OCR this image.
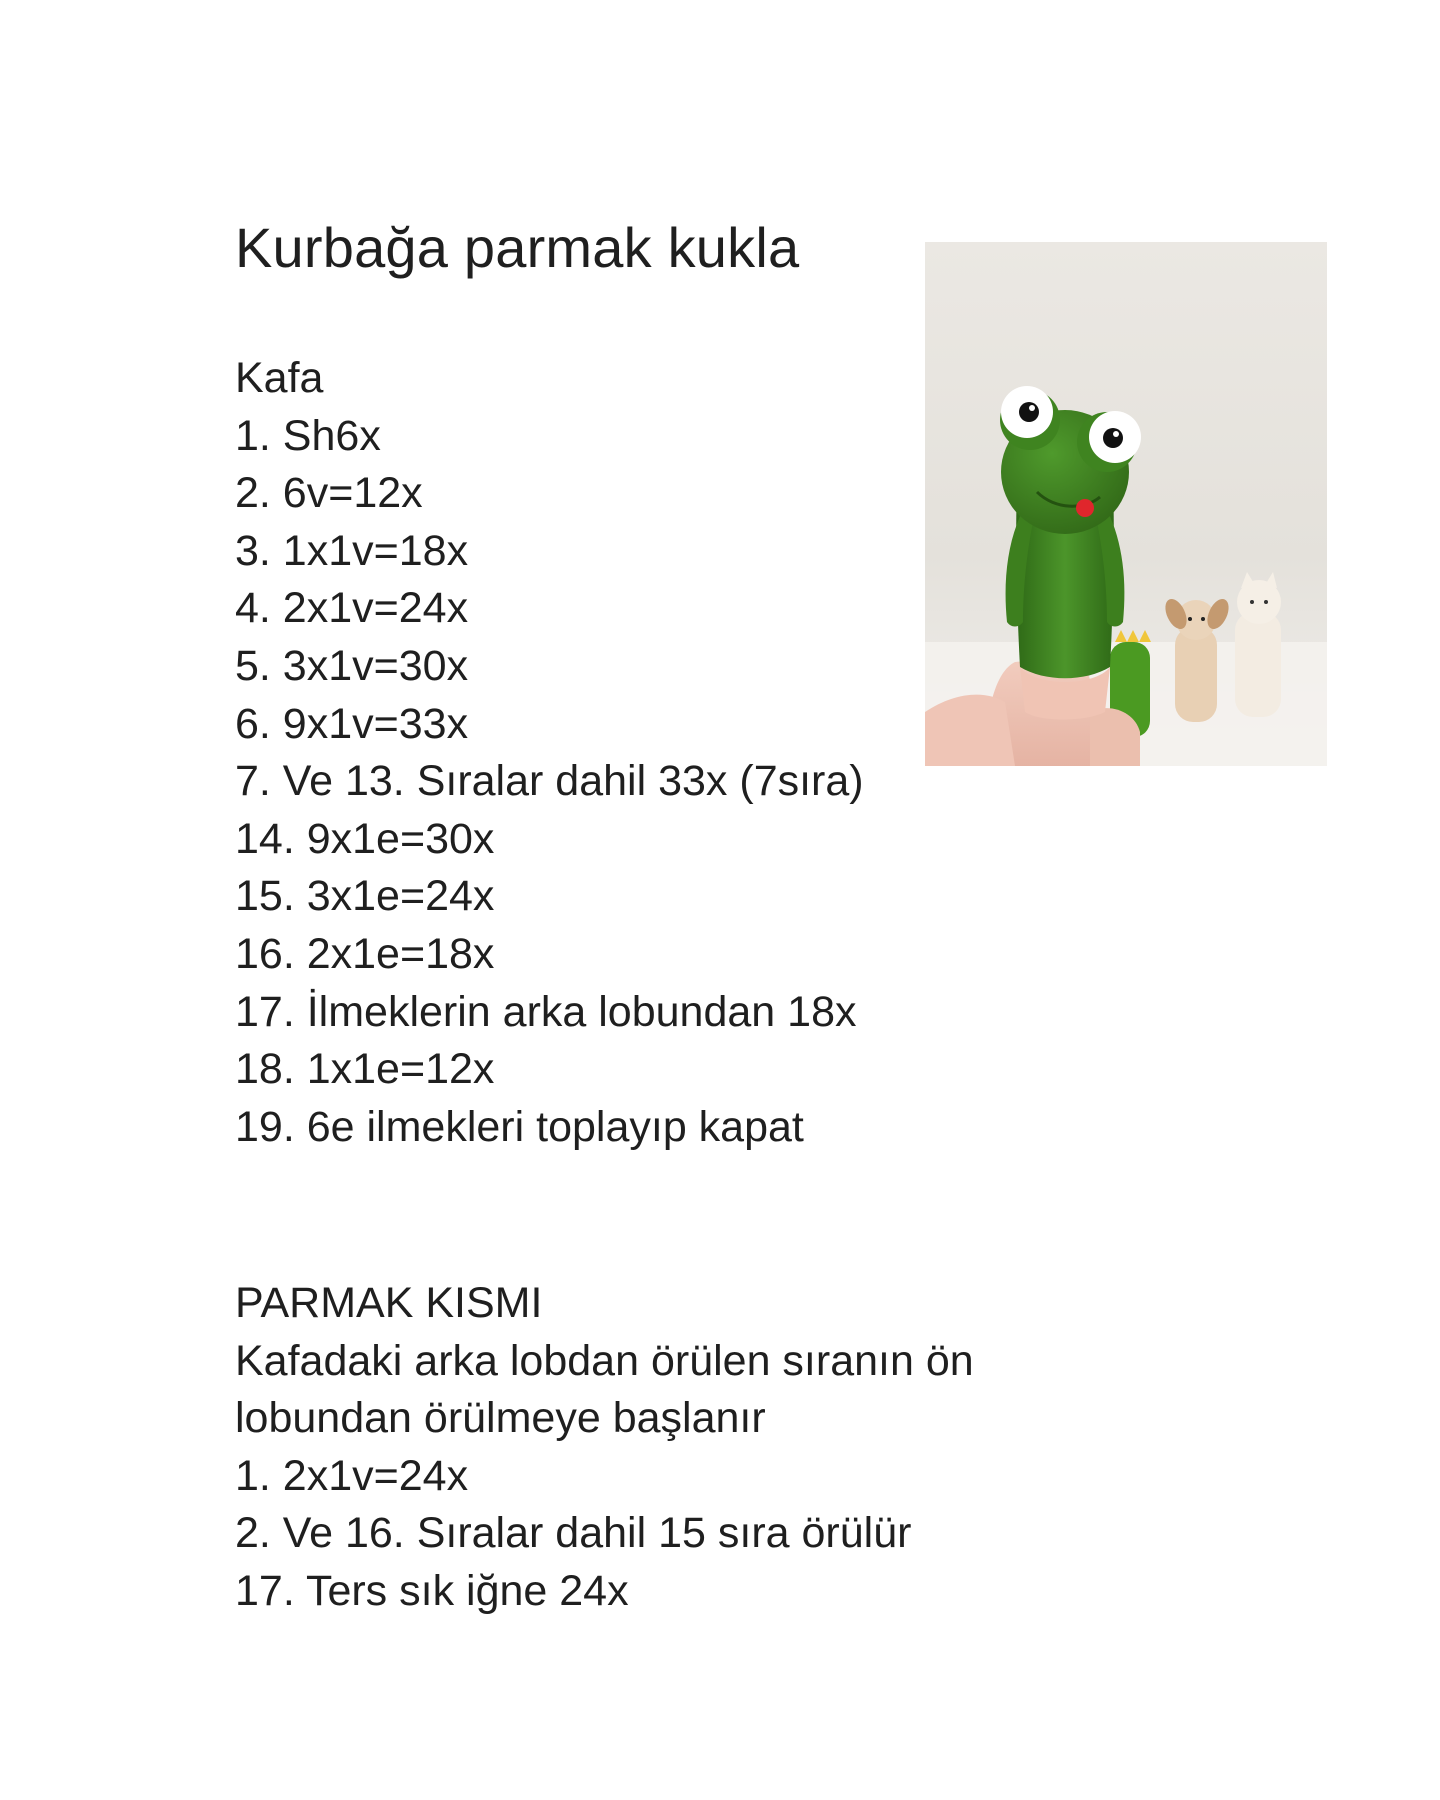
Kurbağa parmak kukla
Kafa
1. Sh6x
2. 6v=12x
3. 1x1v=18x
4. 2x1v=24x
5. 3x1v=30x
6. 9x1v=33x
7. Ve 13. Sıralar dahil 33x (7sıra)
14. 9x1e=30x
15. 3x1e=24x
16. 2x1e=18x
17. İlmeklerin arka lobundan 18x
18. 1x1e=12x
19. 6e ilmekleri toplayıp kapat
PARMAK KISMI
Kafadaki arka lobdan örülen sıranın ön
lobundan örülmeye başlanır
1. 2x1v=24x
2. Ve 16. Sıralar dahil 15 sıra örülür
17. Ters sık iğne 24x
